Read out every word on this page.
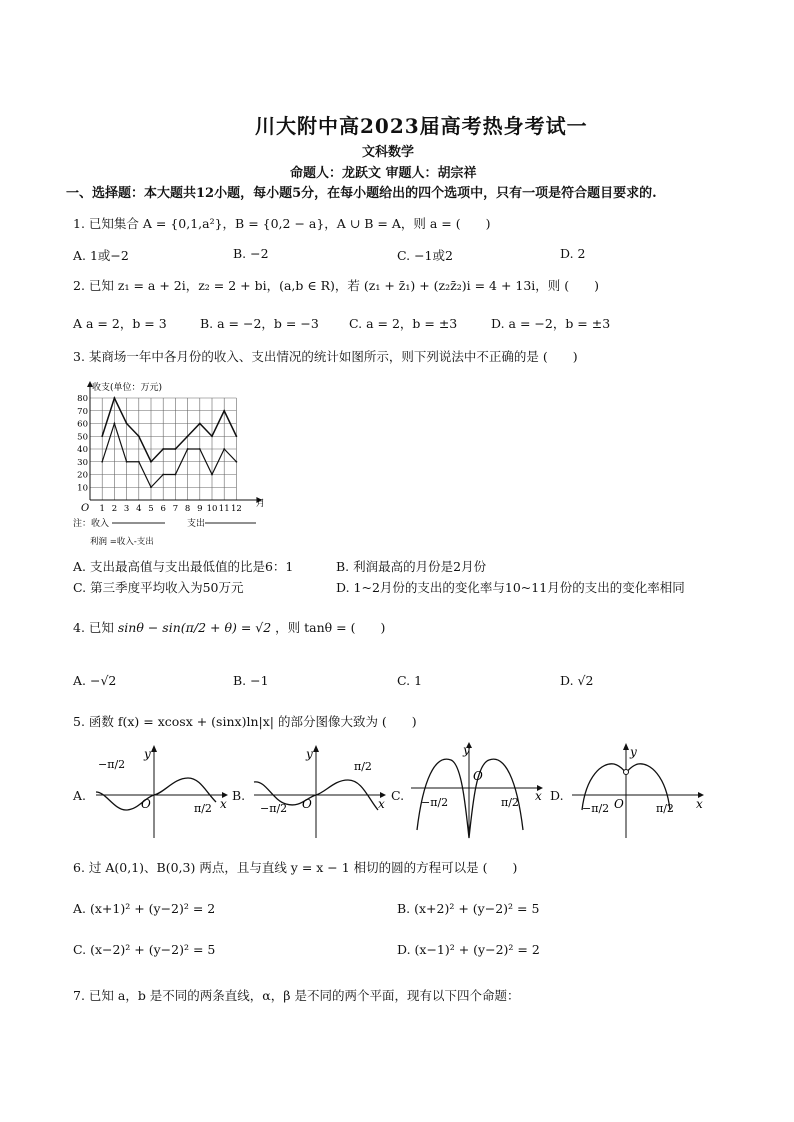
川大附中高2023届高考热身考试一
文科数学
命题人：龙跃文 审题人：胡宗祥
一、选择题：本大题共12小题，每小题5分，在每小题给出的四个选项中，只有一项是符合题目要求的.
1. 已知集合 A = {0,1,a²}，B = {0,2 − a}，A ∪ B = A，则 a = (　　)
A. 1或−2	B. −2	C. −1或2	D. 2
2. 已知 z₁ = a + 2i，z₂ = 2 + bi，(a,b ∈ R)，若 (z₁ + z̄₁) + (z₂z̄₂)i = 4 + 13i，则 (　　)
A a = 2，b = 3	B. a = −2，b = −3 C. a = 2，b = ±3	D. a = −2，b = ±3
3. 某商场一年中各月份的收入、支出情况的统计如图所示，则下列说法中不正确的是 (　　)
10
20
30
40
50
60
70
80
1 2 3 4 5 6 7 8 9 10 11 12
收支(单位：万元)
月
O
注：收入	支出
利润 =收入-支出
A. 支出最高值与支出最低值的比是6：1	B. 利润最高的月份是2月份
C. 第三季度平均收入为50万元	D. 1~2月份的支出的变化率与10~11月份的支出的变化率相同
4. 已知 sinθ − sin(π/2 + θ) = √2 ，则 tanθ = (　　)
A. −√2	B. −1	C. 1	D. √2
5. 函数 f(x) = xcosx + (sinx)ln|x| 的部分图像大致为 (　　)
A.	B.	C.	D.
y
x
O
−π/2
π/2
y
x
O
−π/2
π/2
y
x
O
−π/2	π/2
y
x
O
−π/2	π/2
6. 过 A(0,1)、B(0,3) 两点，且与直线 y = x − 1 相切的圆的方程可以是 (　　)
A. (x+1)² + (y−2)² = 2	B. (x+2)² + (y−2)² = 5
C. (x−2)² + (y−2)² = 5	D. (x−1)² + (y−2)² = 2
7. 已知 a，b 是不同的两条直线，α，β 是不同的两个平面，现有以下四个命题：
